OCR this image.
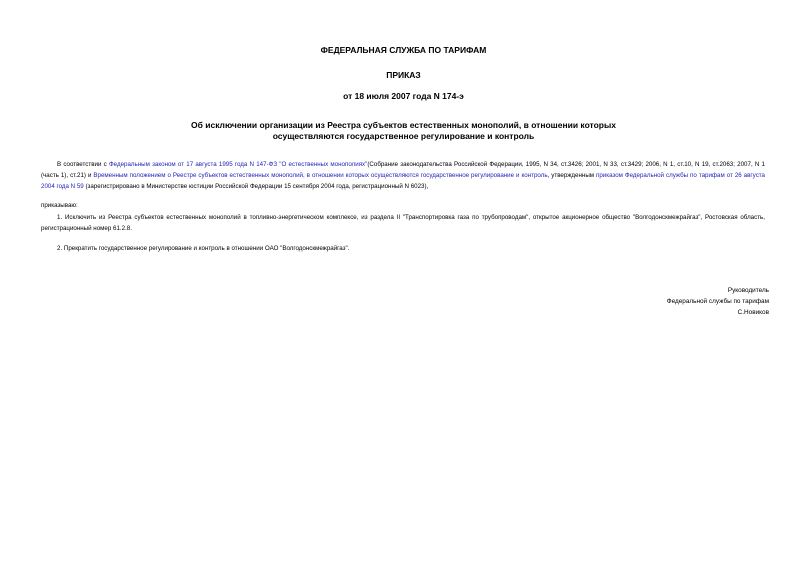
ФЕДЕРАЛЬНАЯ СЛУЖБА ПО ТАРИФАМ
ПРИКАЗ
от 18 июля 2007 года N 174-э
Об исключении организации из Реестра субъектов естественных монополий, в отношении которых
осуществляются государственное регулирование и контроль
В соответствии с Федеральным законом от 17 августа 1995 года N 147-ФЗ "О естественных монополиях"(Собрание законодательства Российской Федерации, 1995, N 34, ст.3426; 2001, N 33, ст.3429; 2006, N 1, ст.10, N 19, ст.2063; 2007, N 1 (часть 1), ст.21) и Временным положением о Реестре субъектов естественных монополий, в отношении которых осуществляются государственное регулирование и контроль, утвержденным приказом Федеральной службы по тарифам от 26 августа 2004 года N 59 (зарегистрировано в Министерстве юстиции Российской Федерации 15 сентября 2004 года, регистрационный N 6023),
приказываю:
1. Исключить из Реестра субъектов естественных монополий в топливно-энергетическом комплексе, из раздела II "Транспортировка газа по трубопроводам", открытое акционерное общество "Волгодонскмежрайгаз", Ростовская область, регистрационный номер 61.2.8.
2. Прекратить государственное регулирование и контроль в отношении ОАО "Волгодонскмежрайгаз".
Руководитель
Федеральной службы по тарифам
С.Новиков
